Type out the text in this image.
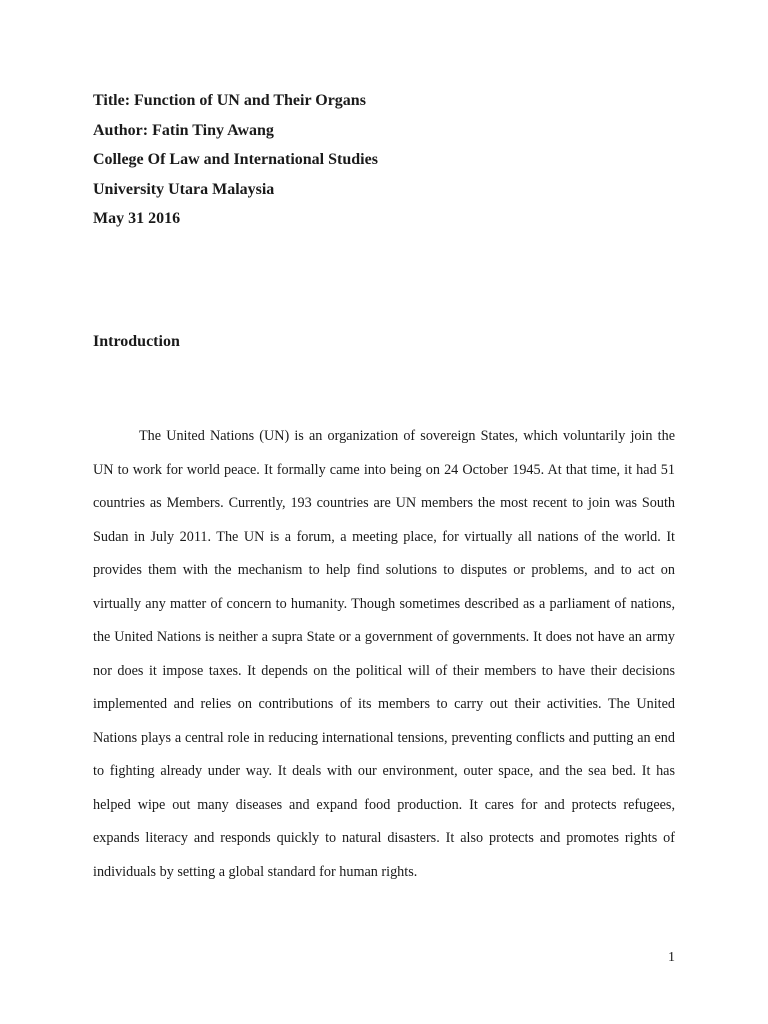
Title: Function of UN and Their Organs
Author: Fatin Tiny Awang
College Of Law and International Studies
University Utara Malaysia
May 31 2016
Introduction

The United Nations (UN) is an organization of sovereign States, which voluntarily join the UN to work for world peace. It formally came into being on 24 October 1945. At that time, it had 51 countries as Members. Currently, 193 countries are UN members the most recent to join was South Sudan in July 2011. The UN is a forum, a meeting place, for virtually all nations of the world. It provides them with the mechanism to help find solutions to disputes or problems, and to act on virtually any matter of concern to humanity. Though sometimes described as a parliament of nations, the United Nations is neither a supra State or a government of governments. It does not have an army nor does it impose taxes. It depends on the political will of their members to have their decisions implemented and relies on contributions of its members to carry out their activities. The United Nations plays a central role in reducing international tensions, preventing conflicts and putting an end to fighting already under way. It deals with our environment, outer space, and the sea bed. It has helped wipe out many diseases and expand food production. It cares for and protects refugees, expands literacy and responds quickly to natural disasters. It also protects and promotes rights of individuals by setting a global standard for human rights.

1
